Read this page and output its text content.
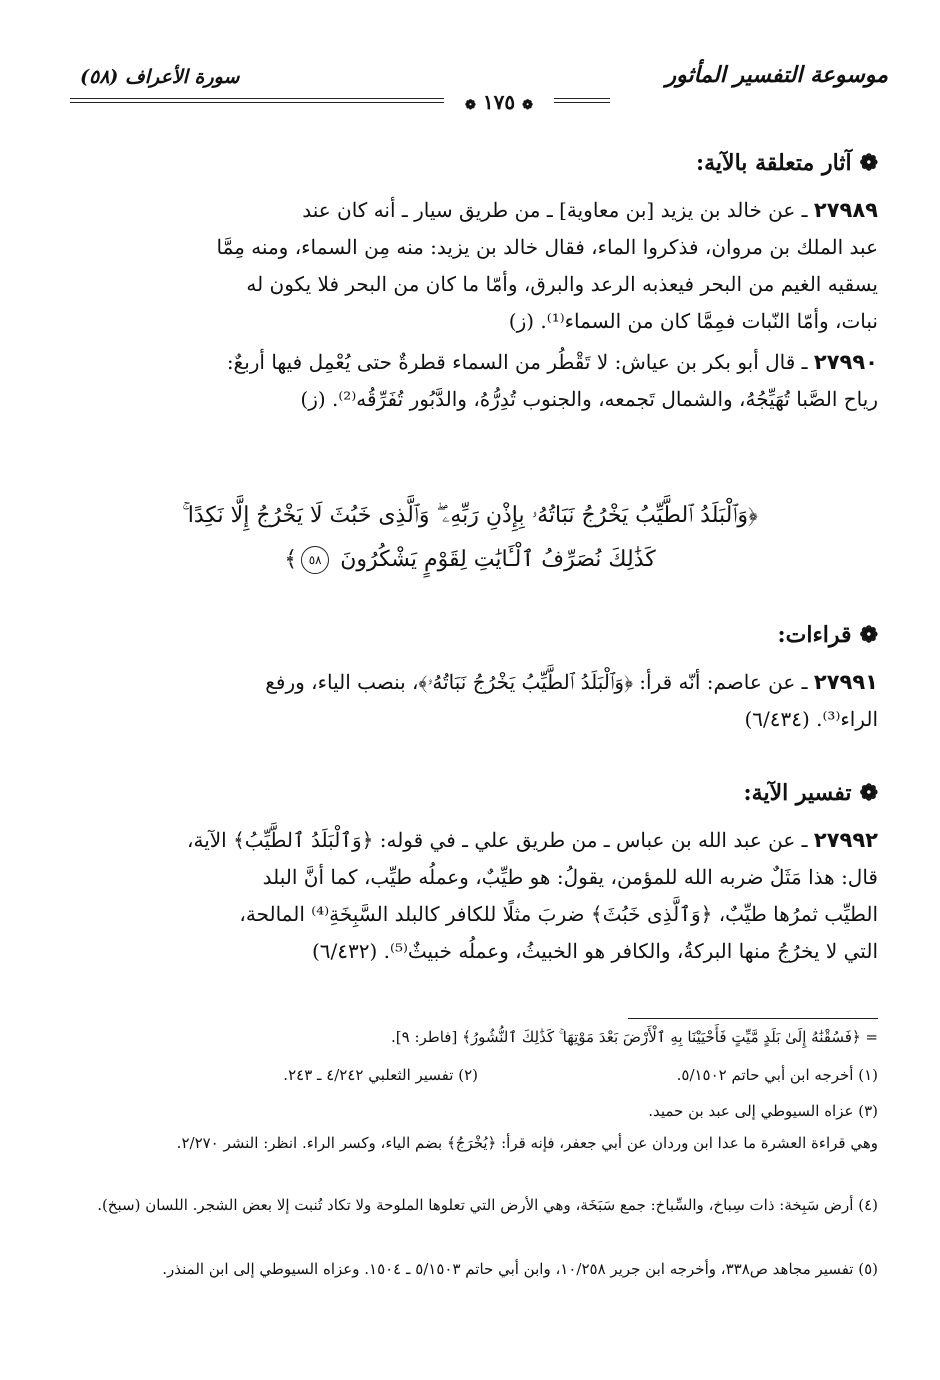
موسوعة التفسير المأثور
سورة الأعراف (٥٨)
❁ ١٧٥ ❁
❁آثار متعلقة بالآية:
٢٧٩٨٩ ـ عن خالد بن يزيد [بن معاوية] ـ من طريق سيار ـ أنه كان عند
عبد الملك بن مروان، فذكروا الماء، فقال خالد بن يزيد: منه مِن السماء، ومنه مِمَّا
يسقيه الغيم من البحر فيعذبه الرعد والبرق، وأمّا ما كان من البحر فلا يكون له
نبات، وأمّا النّبات فمِمَّا كان من السماء⁽¹⁾. (ز)
٢٧٩٩٠ ـ قال أبو بكر بن عياش: لا تَقْطُر من السماء قطرةٌ حتى يُعْمِل فيها أربعٌ:
رياح الصَّبا تُهَيِّجُهُ، والشمال تَجمعه، والجنوب تُدِرُّهُ، والدَّبُور تُفَرِّقُه⁽²⁾. (ز)
﴿وَٱلْبَلَدُ ٱلطَّيِّبُ يَخْرُجُ نَبَاتُهُۥ بِإِذْنِ رَبِّهِۦ ۖ وَٱلَّذِى خَبُثَ لَا يَخْرُجُ إِلَّا نَكِدًا ۚ
كَذَٰلِكَ نُصَرِّفُ ٱلْـَٔايَٰتِ لِقَوْمٍ يَشْكُرُونَ ٥٨﴾
❁قراءات:
٢٧٩٩١ ـ عن عاصم: أنّه قرأ: ﴿وَٱلْبَلَدُ ٱلطَّيِّبُ يَخْرُجُ نَبَاتُهُۥ﴾، بنصب الياء، ورفع
الراء⁽³⁾. (٦/٤٣٤)
❁تفسير الآية:
٢٧٩٩٢ ـ عن عبد الله بن عباس ـ من طريق علي ـ في قوله: ﴿وَٱلْبَلَدُ ٱلطَّيِّبُ﴾ الآية،
قال: هذا مَثَلٌ ضربه الله للمؤمن، يقولُ: هو طيِّبٌ، وعملُه طيِّب، كما أنَّ البلد
الطيِّب ثمرُها طيِّبٌ، ﴿وَٱلَّذِى خَبُثَ﴾ ضربَ مثلًا للكافر كالبلد السَّبِخَةِ⁽⁴⁾ المالحة،
التي لا يخرُجُ منها البركةُ، والكافر هو الخبيثُ، وعملُه خبيثٌ⁽⁵⁾. (٦/٤٣٢)
= ﴿فَسُقْنَٰهُ إِلَىٰ بَلَدٍ مَّيِّتٍ فَأَحْيَيْنَا بِهِ ٱلْأَرْضَ بَعْدَ مَوْتِهَا ۚ كَذَٰلِكَ ٱلنُّشُورُ﴾ [فاطر: ٩].
(١) أخرجه ابن أبي حاتم ٥/١٥٠٢.(٢) تفسير الثعلبي ٤/٢٤٢ ـ ٢٤٣.
(٣) عزاه السيوطي إلى عبد بن حميد.
وهي قراءة العشرة ما عدا ابن وردان عن أبي جعفر، فإنه قرأ: ﴿يُخْرَجُ﴾ بضم الياء، وكسر الراء. انظر: النشر ٢/٢٧٠.
(٤) أرض سَبِخة: ذات سِباخ، والسِّباخ: جمع سَبَخَة، وهي الأرض التي تعلوها الملوحة ولا تكاد تُنبت إلا بعض الشجر. اللسان (سبخ).
(٥) تفسير مجاهد ص٣٣٨، وأخرجه ابن جرير ١٠/٢٥٨، وابن أبي حاتم ٥/١٥٠٣ ـ ١٥٠٤. وعزاه السيوطي إلى ابن المنذر.
